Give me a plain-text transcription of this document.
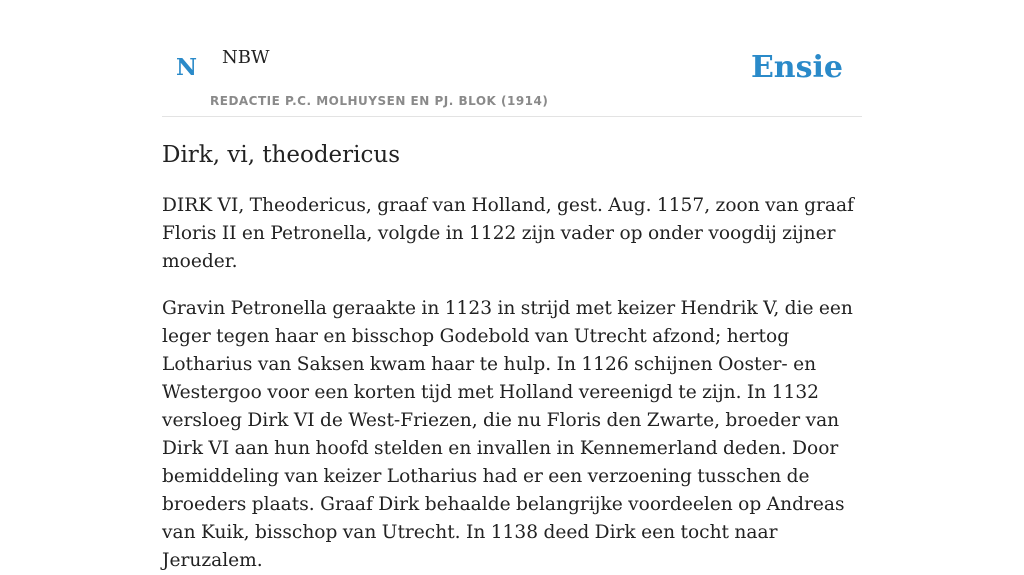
N NBW
REDACTIE P.C. MOLHUYSEN EN PJ. BLOK (1914)
Ensie
Dirk, vi, theodericus

DIRK VI, Theodericus, graaf van Holland, gest. Aug. 1157, zoon van graaf Floris II en Petronella, volgde in 1122 zijn vader op onder voogdij zijner moeder.

Gravin Petronella geraakte in 1123 in strijd met keizer Hendrik V, die een leger tegen haar en bisschop Godebold van Utrecht afzond; hertog Lotharius van Saksen kwam haar te hulp. In 1126 schijnen Ooster- en Westergoo voor een korten tijd met Holland vereenigd te zijn. In 1132 versloeg Dirk VI de West-Friezen, die nu Floris den Zwarte, broeder van Dirk VI aan hun hoofd stelden en invallen in Kennemerland deden. Door bemiddeling van keizer Lotharius had er een verzoening tusschen de broeders plaats. Graaf Dirk behaalde belangrijke voordeelen op Andreas van Kuik, bisschop van Utrecht. In 1138 deed Dirk een tocht naar Jeruzalem.
